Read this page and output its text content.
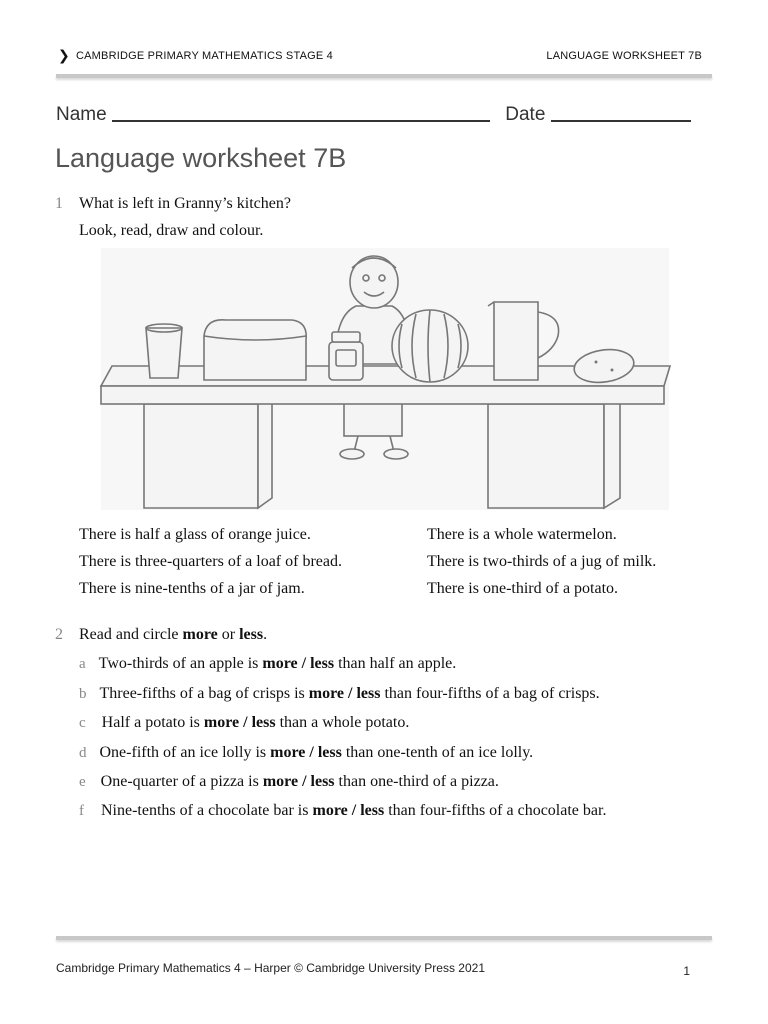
❯ CAMBRIDGE PRIMARY MATHEMATICS STAGE 4	LANGUAGE WORKSHEET 7B
Name	Date
Language worksheet 7B
1 What is left in Granny’s kitchen?
Look, read, draw and colour.
There is half a glass of orange juice.
There is three-quarters of a loaf of bread.
There is nine-tenths of a jar of jam.
There is a whole watermelon.
There is two-thirds of a jug of milk.
There is one-third of a potato.
2 Read and circle more or less.
a Two-thirds of an apple is more / less than half an apple.
b Three-fifths of a bag of crisps is more / less than four-fifths of a bag of crisps.
c Half a potato is more / less than a whole potato.
d One-fifth of an ice lolly is more / less than one-tenth of an ice lolly.
e One-quarter of a pizza is more / less than one-third of a pizza.
f Nine-tenths of a chocolate bar is more / less than four-fifths of a chocolate bar.
Cambridge Primary Mathematics 4 – Harper © Cambridge University Press 2021	1
